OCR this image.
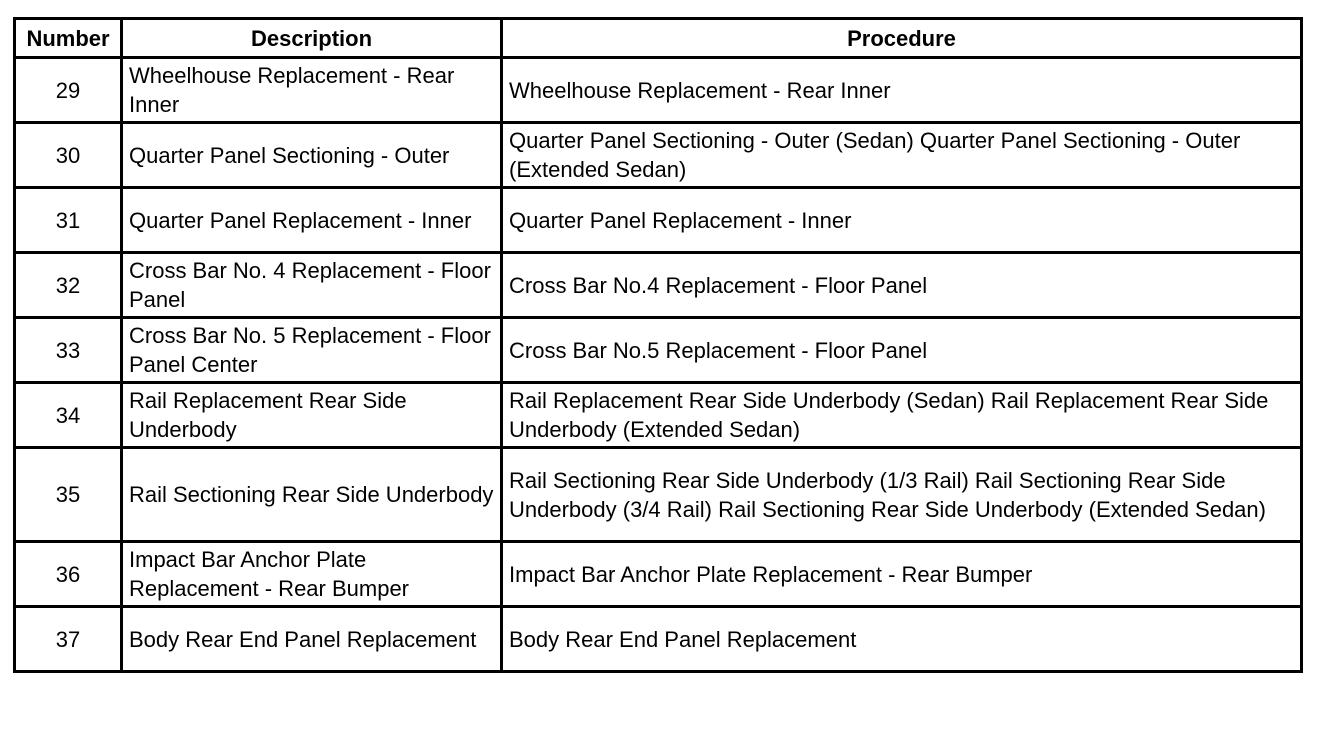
Number	Description	Procedure
29	Wheelhouse Replacement - Rear Inner	Wheelhouse Replacement - Rear Inner
30	Quarter Panel Sectioning - Outer	Quarter Panel Sectioning - Outer (Sedan) Quarter Panel Sectioning - Outer (Extended Sedan)
31	Quarter Panel Replacement - Inner	Quarter Panel Replacement - Inner
32	Cross Bar No. 4 Replacement - Floor Panel	Cross Bar No.4 Replacement - Floor Panel
33	Cross Bar No. 5 Replacement - Floor Panel Center	Cross Bar No.5 Replacement - Floor Panel
34	Rail Replacement Rear Side Underbody	Rail Replacement Rear Side Underbody (Sedan) Rail Replacement Rear Side Underbody (Extended Sedan)
35	Rail Sectioning Rear Side Underbody	Rail Sectioning Rear Side Underbody (1/3 Rail) Rail Sectioning Rear Side Underbody (3/4 Rail) Rail Sectioning Rear Side Underbody (Extended Sedan)
36	Impact Bar Anchor Plate Replacement - Rear Bumper	Impact Bar Anchor Plate Replacement - Rear Bumper
37	Body Rear End Panel Replacement	Body Rear End Panel Replacement
